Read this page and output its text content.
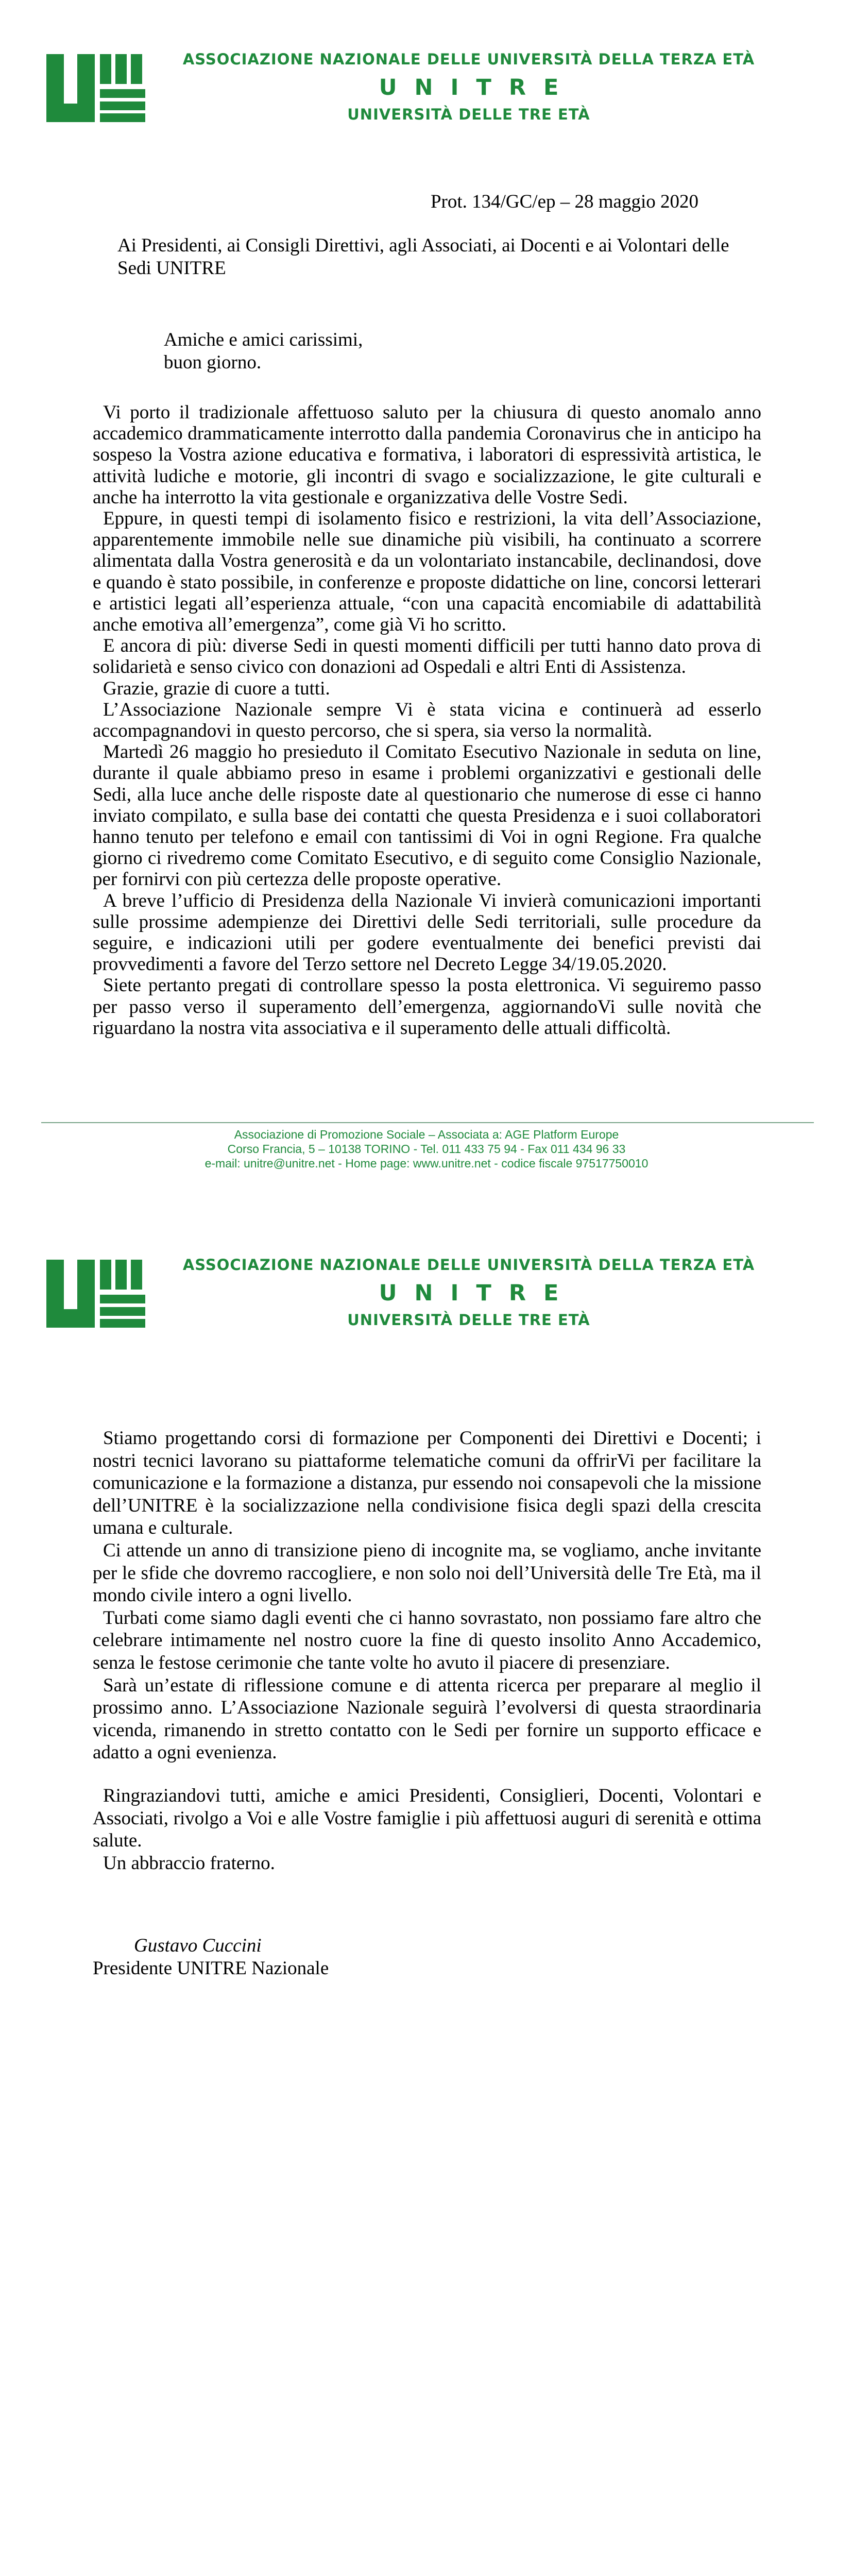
ASSOCIAZIONE NAZIONALE DELLE UNIVERSITÀ DELLA TERZA ETÀ
UNITRE
UNIVERSITÀ DELLE TRE ETÀ
Prot. 134/GC/ep – 28 maggio 2020
Ai Presidenti, ai Consigli Direttivi, agli Associati, ai Docenti e ai Volontari delle Sedi UNITRE
Amiche e amici carissimi,
buon giorno.

Vi porto il tradizionale affettuoso saluto per la chiusura di questo anomalo anno accademico drammaticamente interrotto dalla pandemia Coronavirus che in anticipo ha sospeso la Vostra azione educativa e formativa, i laboratori di espressività artistica, le attività ludiche e motorie, gli incontri di svago e socializzazione, le gite culturali e anche ha interrotto la vita gestionale e organizzativa delle Vostre Sedi.

Eppure, in questi tempi di isolamento fisico e restrizioni, la vita dell’Associazione, apparentemente immobile nelle sue dinamiche più visibili, ha continuato a scorrere alimentata dalla Vostra generosità e da un volontariato instancabile, declinandosi, dove e quando è stato possibile, in conferenze e proposte didattiche on line, concorsi letterari e artistici legati all’esperienza attuale, “con una capacità encomiabile di adattabilità anche emotiva all’emergenza”, come già Vi ho scritto.

E ancora di più: diverse Sedi in questi momenti difficili per tutti hanno dato prova di solidarietà e senso civico con donazioni ad Ospedali e altri Enti di Assistenza.

Grazie, grazie di cuore a tutti.

L’Associazione Nazionale sempre Vi è stata vicina e continuerà ad esserlo accompagnandovi in questo percorso, che si spera, sia verso la normalità.

Martedì 26 maggio ho presieduto il Comitato Esecutivo Nazionale in seduta on line, durante il quale abbiamo preso in esame i problemi organizzativi e gestionali delle Sedi, alla luce anche delle risposte date al questionario che numerose di esse ci hanno inviato compilato, e sulla base dei contatti che questa Presidenza e i suoi collaboratori hanno tenuto per telefono e email con tantissimi di Voi in ogni Regione. Fra qualche giorno ci rivedremo come Comitato Esecutivo, e di seguito come Consiglio Nazionale, per fornirvi con più certezza delle proposte operative.

A breve l’ufficio di Presidenza della Nazionale Vi invierà comunicazioni importanti sulle prossime adempienze dei Direttivi delle Sedi territoriali, sulle procedure da seguire, e indicazioni utili per godere eventualmente dei benefici previsti dai provvedimenti a favore del Terzo settore nel Decreto Legge 34/19.05.2020.

Siete pertanto pregati di controllare spesso la posta elettronica. Vi seguiremo passo per passo verso il superamento dell’emergenza, aggiornandoVi sulle novità che riguardano la nostra vita associativa e il superamento delle attuali difficoltà.

Associazione di Promozione Sociale – Associata a: AGE Platform Europe
Corso Francia, 5 – 10138 TORINO - Tel. 011 433 75 94 - Fax 011 434 96 33
e-mail: unitre@unitre.net - Home page: www.unitre.net - codice fiscale 97517750010
ASSOCIAZIONE NAZIONALE DELLE UNIVERSITÀ DELLA TERZA ETÀ
UNITRE
UNIVERSITÀ DELLE TRE ETÀ

Stiamo progettando corsi di formazione per Componenti dei Direttivi e Docenti; i nostri tecnici lavorano su piattaforme telematiche comuni da offrirVi per facilitare la comunicazione e la formazione a distanza, pur essendo noi consapevoli che la missione dell’UNITRE è la socializzazione nella condivisione fisica degli spazi della crescita umana e culturale.

Ci attende un anno di transizione pieno di incognite ma, se vogliamo, anche invitante per le sfide che dovremo raccogliere, e non solo noi dell’Università delle Tre Età, ma il mondo civile intero a ogni livello.

Turbati come siamo dagli eventi che ci hanno sovrastato, non possiamo fare altro che celebrare intimamente nel nostro cuore la fine di questo insolito Anno Accademico, senza le festose cerimonie che tante volte ho avuto il piacere di presenziare.

Sarà un’estate di riflessione comune e di attenta ricerca per preparare al meglio il prossimo anno. L’Associazione Nazionale seguirà l’evolversi di questa straordinaria vicenda, rimanendo in stretto contatto con le Sedi per fornire un supporto efficace e adatto a ogni evenienza.

Ringraziandovi tutti, amiche e amici Presidenti, Consiglieri, Docenti, Volontari e Associati, rivolgo a Voi e alle Vostre famiglie i più affettuosi auguri di serenità e ottima salute.

Un abbraccio fraterno.

Gustavo Cuccini
Presidente UNITRE Nazionale
